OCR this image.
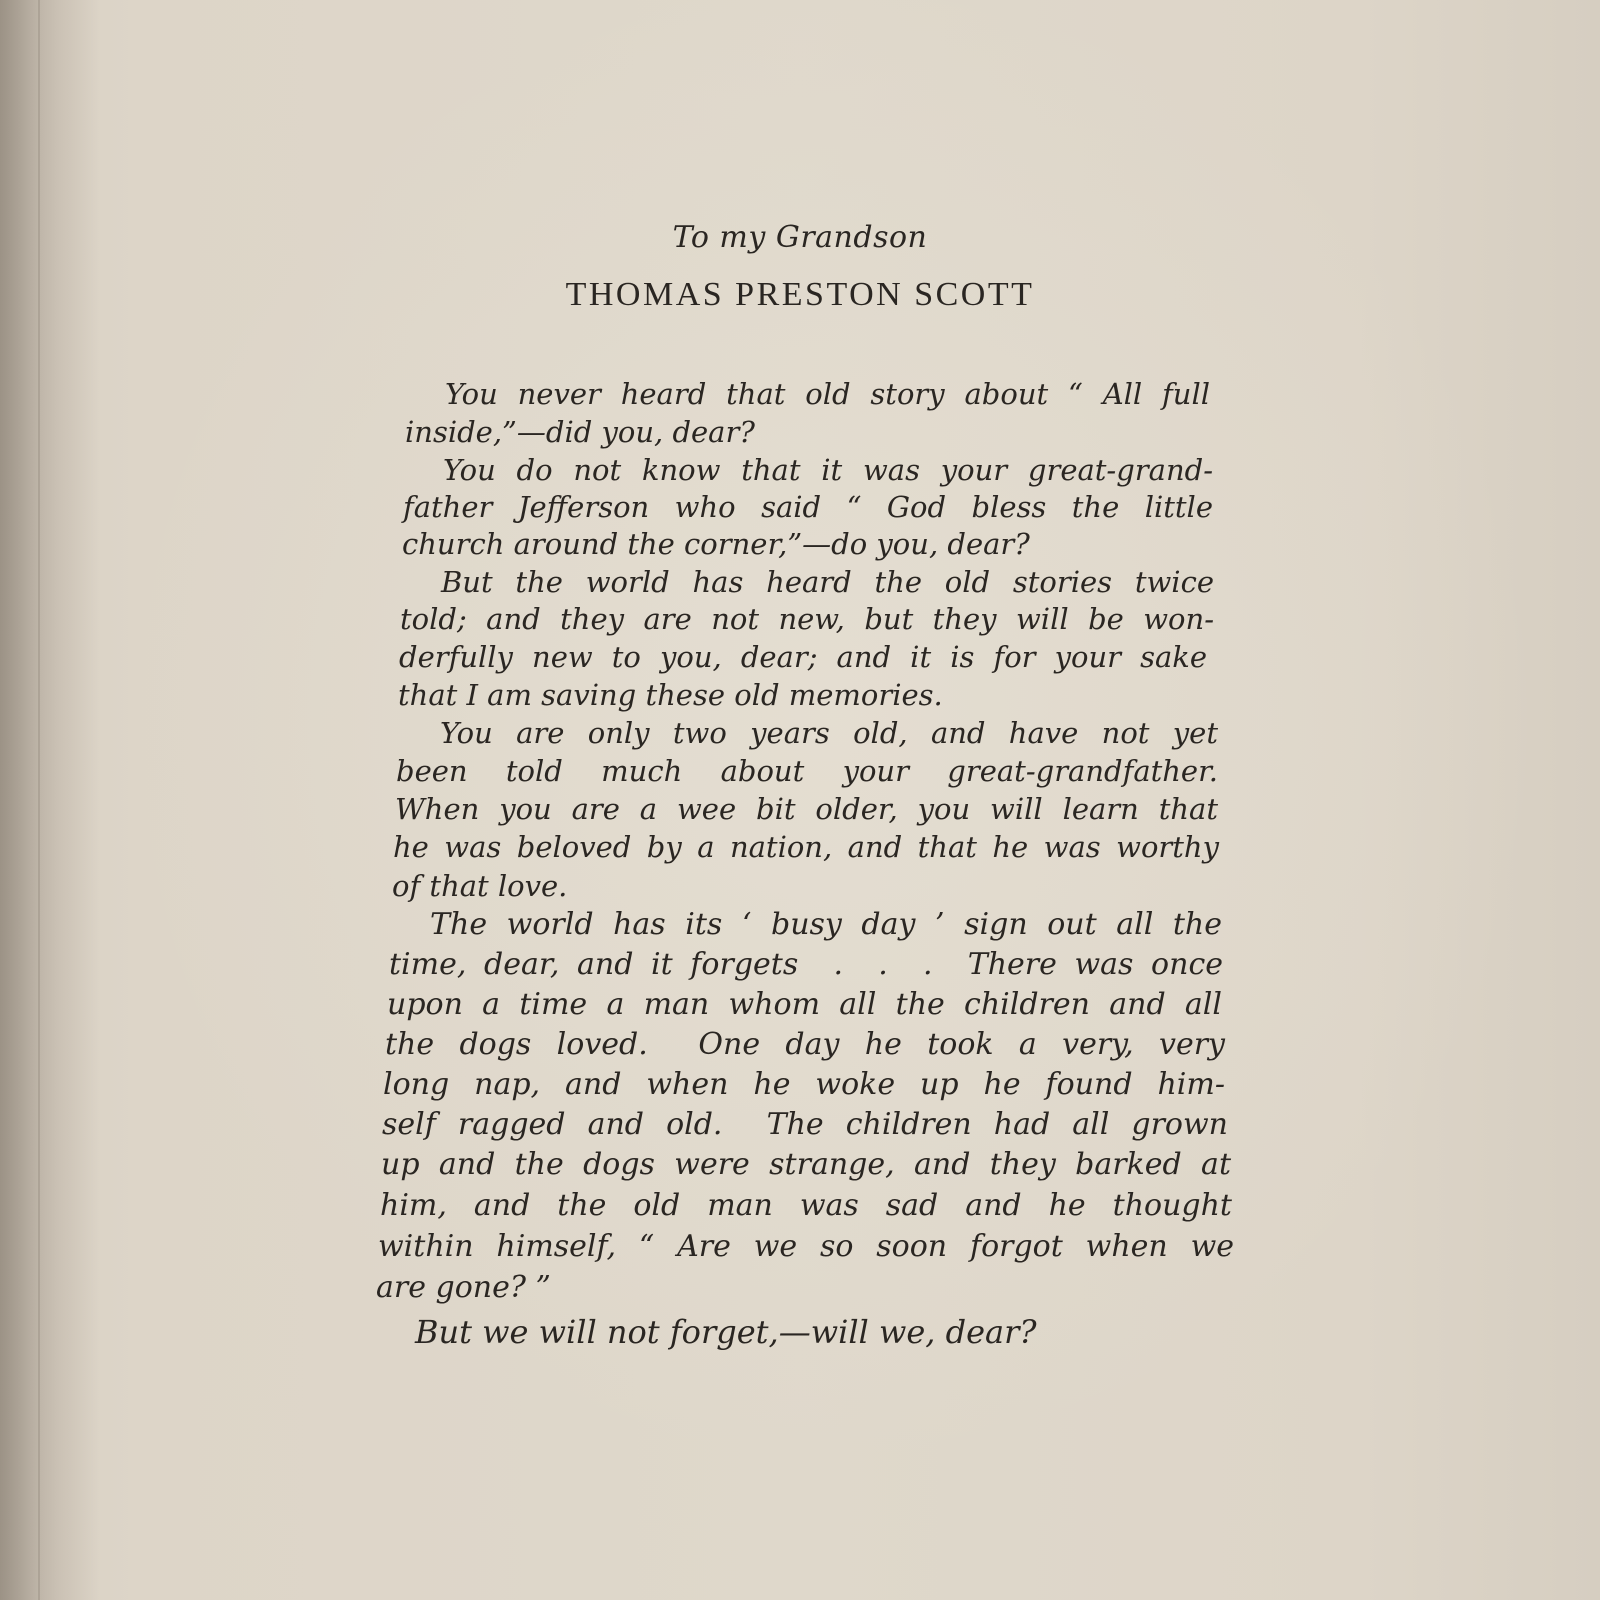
To my Grandson
THOMAS PRESTON SCOTT
You never heard that old story about “ All full
inside,”—did you, dear?
You do not know that it was your great-grand-
father Jefferson who said “ God bless the little
church around the corner,”—do you, dear?
But the world has heard the old stories twice
told; and they are not new, but they will be won-
derfully new to you, dear; and it is for your sake
that I am saving these old memories.
You are only two years old, and have not yet
been told much about your great-grandfather.
When you are a wee bit older, you will learn that
he was beloved by a nation, and that he was worthy
of that love.
The world has its ‘ busy day ’ sign out all the
time, dear, and it forgets  .  .  .  There was once
upon a time a man whom all the children and all
the dogs loved.  One day he took a very, very
long nap, and when he woke up he found him-
self ragged and old.  The children had all grown
up and the dogs were strange, and they barked at
him, and the old man was sad and he thought
within himself, “ Are we so soon forgot when we
are gone? ”
But we will not forget,—will we, dear?
